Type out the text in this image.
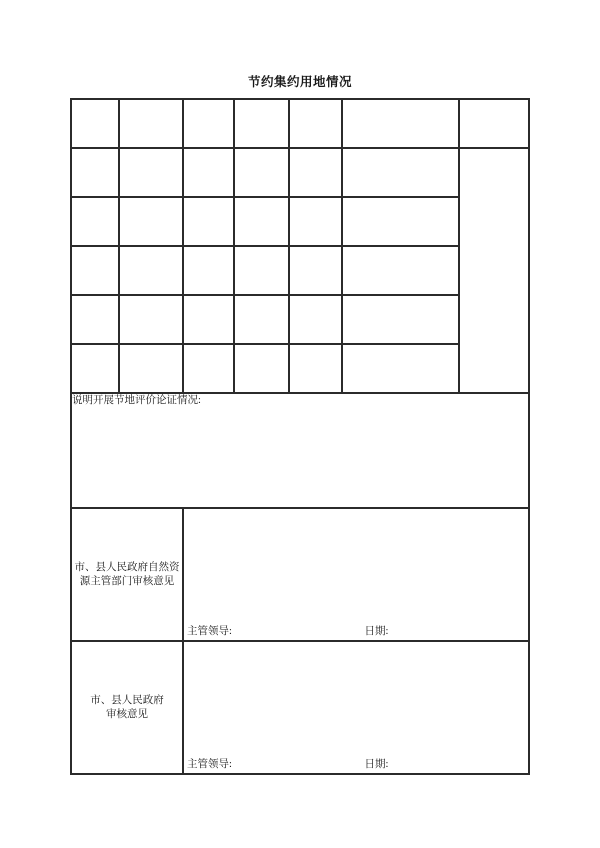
节约集约用地情况

说明开展节地评价论证情况:						

市、县人民政府自然资
源主管部门审核意见		主管领导: 日期:				

市、县人民政府
审核意见		主管领导: 日期:				
